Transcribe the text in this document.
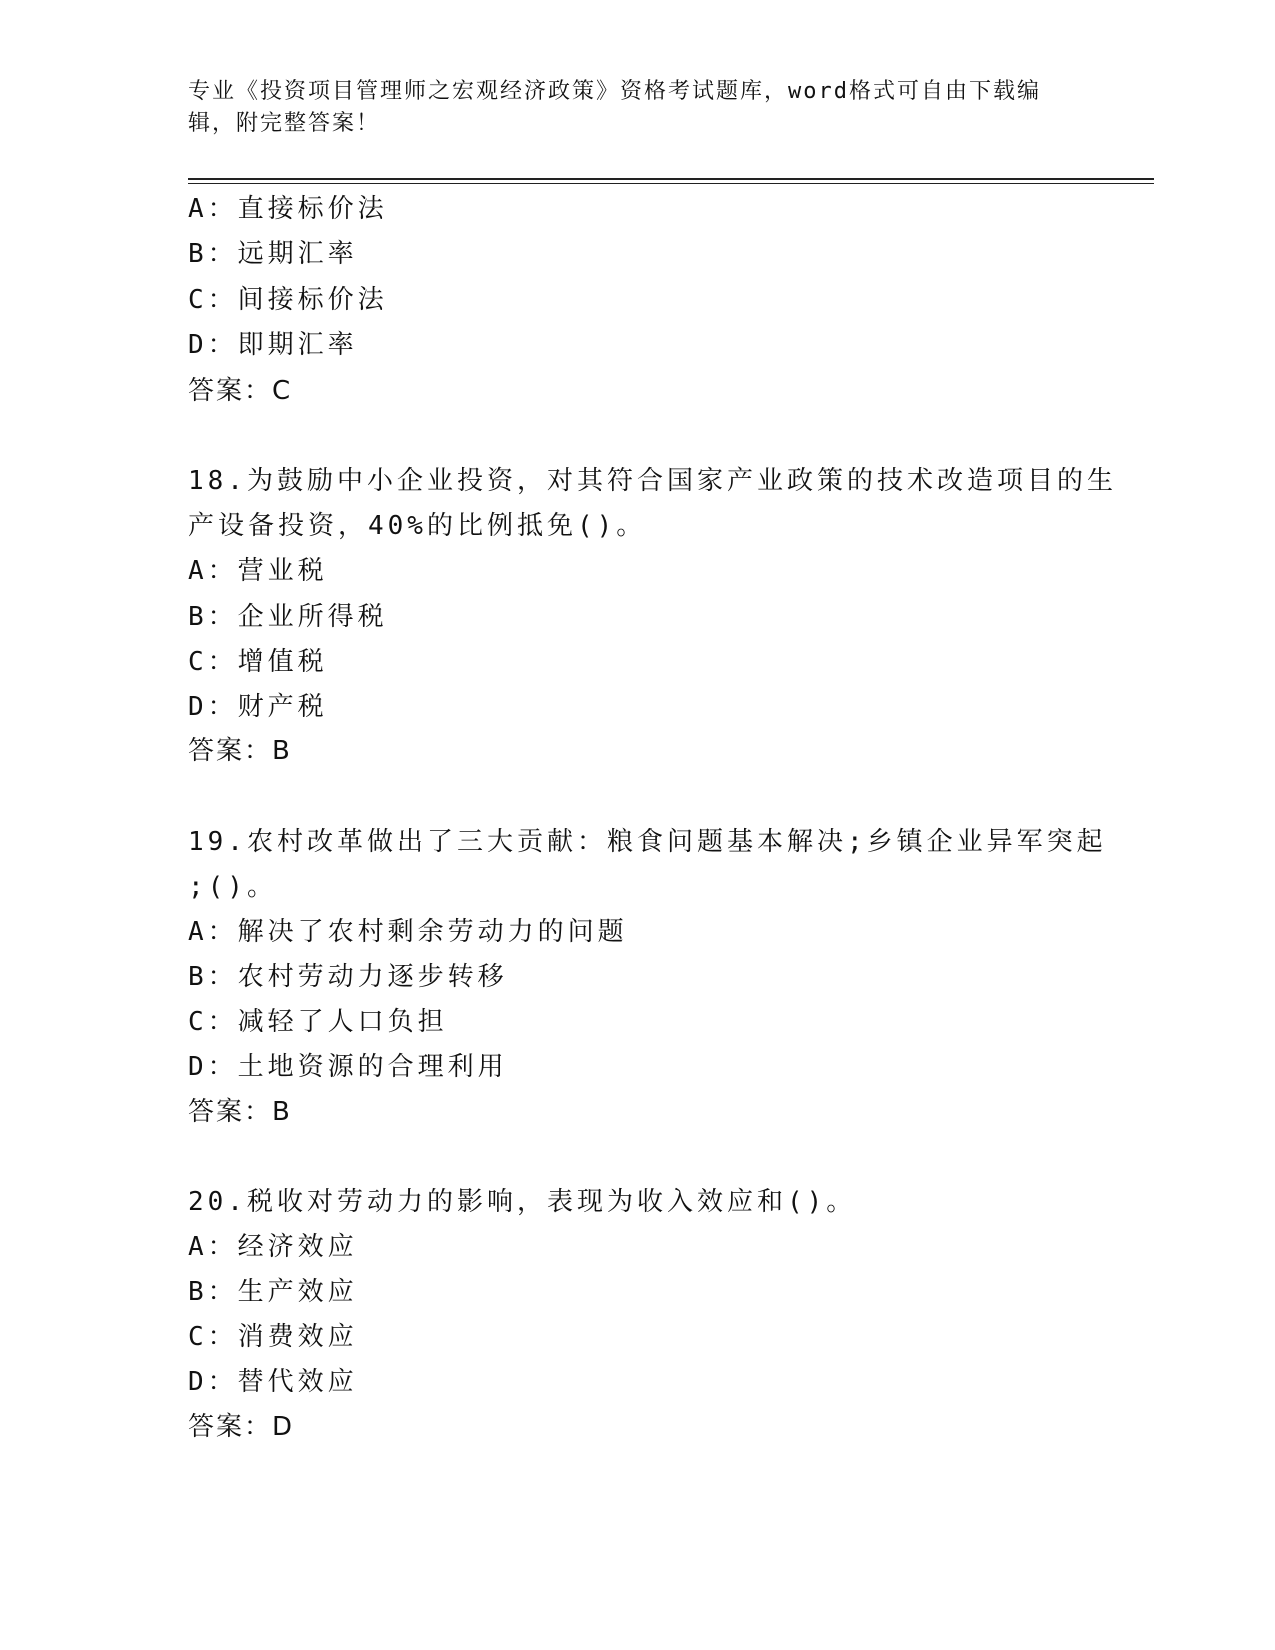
专业《投资项目管理师之宏观经济政策》资格考试题库，word格式可自由下载编辑，附完整答案！
A：直接标价法
B：远期汇率
C：间接标价法
D：即期汇率
答案：C
18.为鼓励中小企业投资，对其符合国家产业政策的技术改造项目的生
产设备投资，40%的比例抵免()。
A：营业税
B：企业所得税
C：增值税
D：财产税
答案：B
19.农村改革做出了三大贡献：粮食问题基本解决;乡镇企业异军突起
;()。
A：解决了农村剩余劳动力的问题
B：农村劳动力逐步转移
C：减轻了人口负担
D：土地资源的合理利用
答案：B
20.税收对劳动力的影响，表现为收入效应和()。
A：经济效应
B：生产效应
C：消费效应
D：替代效应
答案：D
